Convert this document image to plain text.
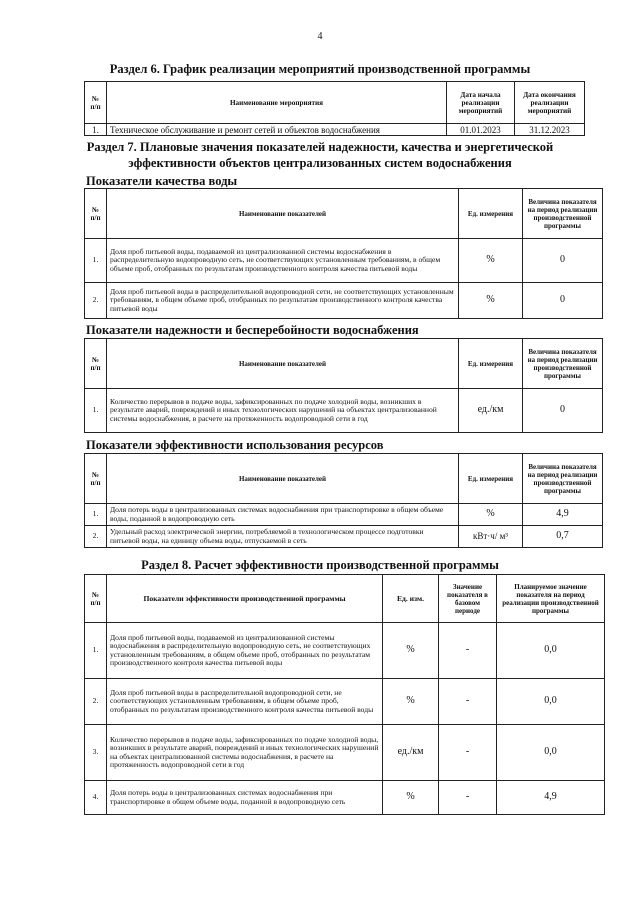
4
Раздел 6. График реализации мероприятий производственной программы
№
п/п	Наименование мероприятия	Дата начала реализации мероприятий	Дата окончания реализации мероприятий
1.	Техническое обслуживание и ремонт сетей и объектов водоснабжения	01.01.2023	31.12.2023
Раздел 7. Плановые значения показателей надежности, качества и энергетической
эффективности объектов централизованных систем водоснабжения
Показатели качества воды
№
п/п	Наименование показателей	Ед. измерения	Величина показателя на период реализации производственной программы
1.	Доля проб питьевой воды, подаваемой из централизованной системы водоснабжения в распределительную водопроводную сеть, не соответствующих установленным требованиям, в общем объеме проб, отобранных по результатам производственного контроля качества питьевой воды	%	0
2.	Доля проб питьевой воды в распределительной водопроводной сети, не соответствующих установленным требованиям, в общем объеме проб, отобранных по результатам производственного контроля качества питьевой воды	%	0
Показатели надежности и бесперебойности водоснабжения
№
п/п	Наименование показателей	Ед. измерения	Величина показателя на период реализации производственной программы
1.	Количество перерывов в подаче воды, зафиксированных по подаче холодной воды, возникших в результате аварий, повреждений и иных технологических нарушений на объектах централизованной системы водоснабжения, в расчете на протяженность водопроводной сети в год	ед./км	0
Показатели эффективности использования ресурсов
№
п/п	Наименование показателей	Ед. измерения	Величина показателя на период реализации производственной программы
1.	Доля потерь воды в централизованных системах водоснабжения при транспортировке в общем объеме воды, поданной в водопроводную сеть	%	4,9
2.	Удельный расход электрической энергии, потребляемой в технологическом процессе подготовки питьевой воды, на единицу объема воды, отпускаемой в сеть	кВт·ч/ м³	0,7
Раздел 8. Расчет эффективности производственной программы
№
п/п	Показатели эффективности производственной программы	Ед. изм.	Значение показателя в базовом периоде	Планируемое значение показателя на период реализации производственной программы
1.	Доля проб питьевой воды, подаваемой из централизованной системы водоснабжения в распределительную водопроводную сеть, не соответствующих установленным требованиям, в общем объеме проб, отобранных по результатам производственного контроля качества питьевой воды	%	-	0,0
2.	Доля проб питьевой воды в распределительной водопроводной сети, не соответствующих установленным требованиям, в общем объеме проб, отобранных по результатам производственного контроля качества питьевой воды	%	-	0,0
3.	Количество перерывов в подаче воды, зафиксированных по подаче холодной воды, возникших в результате аварий, повреждений и иных технологических нарушений на объектах централизованной системы водоснабжения, в расчете на протяженность водопроводной сети в год	ед./км	-	0,0
4.	Доля потерь воды в централизованных системах водоснабжения при транспортировке в общем объеме воды, поданной в водопроводную сеть	%	-	4,9
